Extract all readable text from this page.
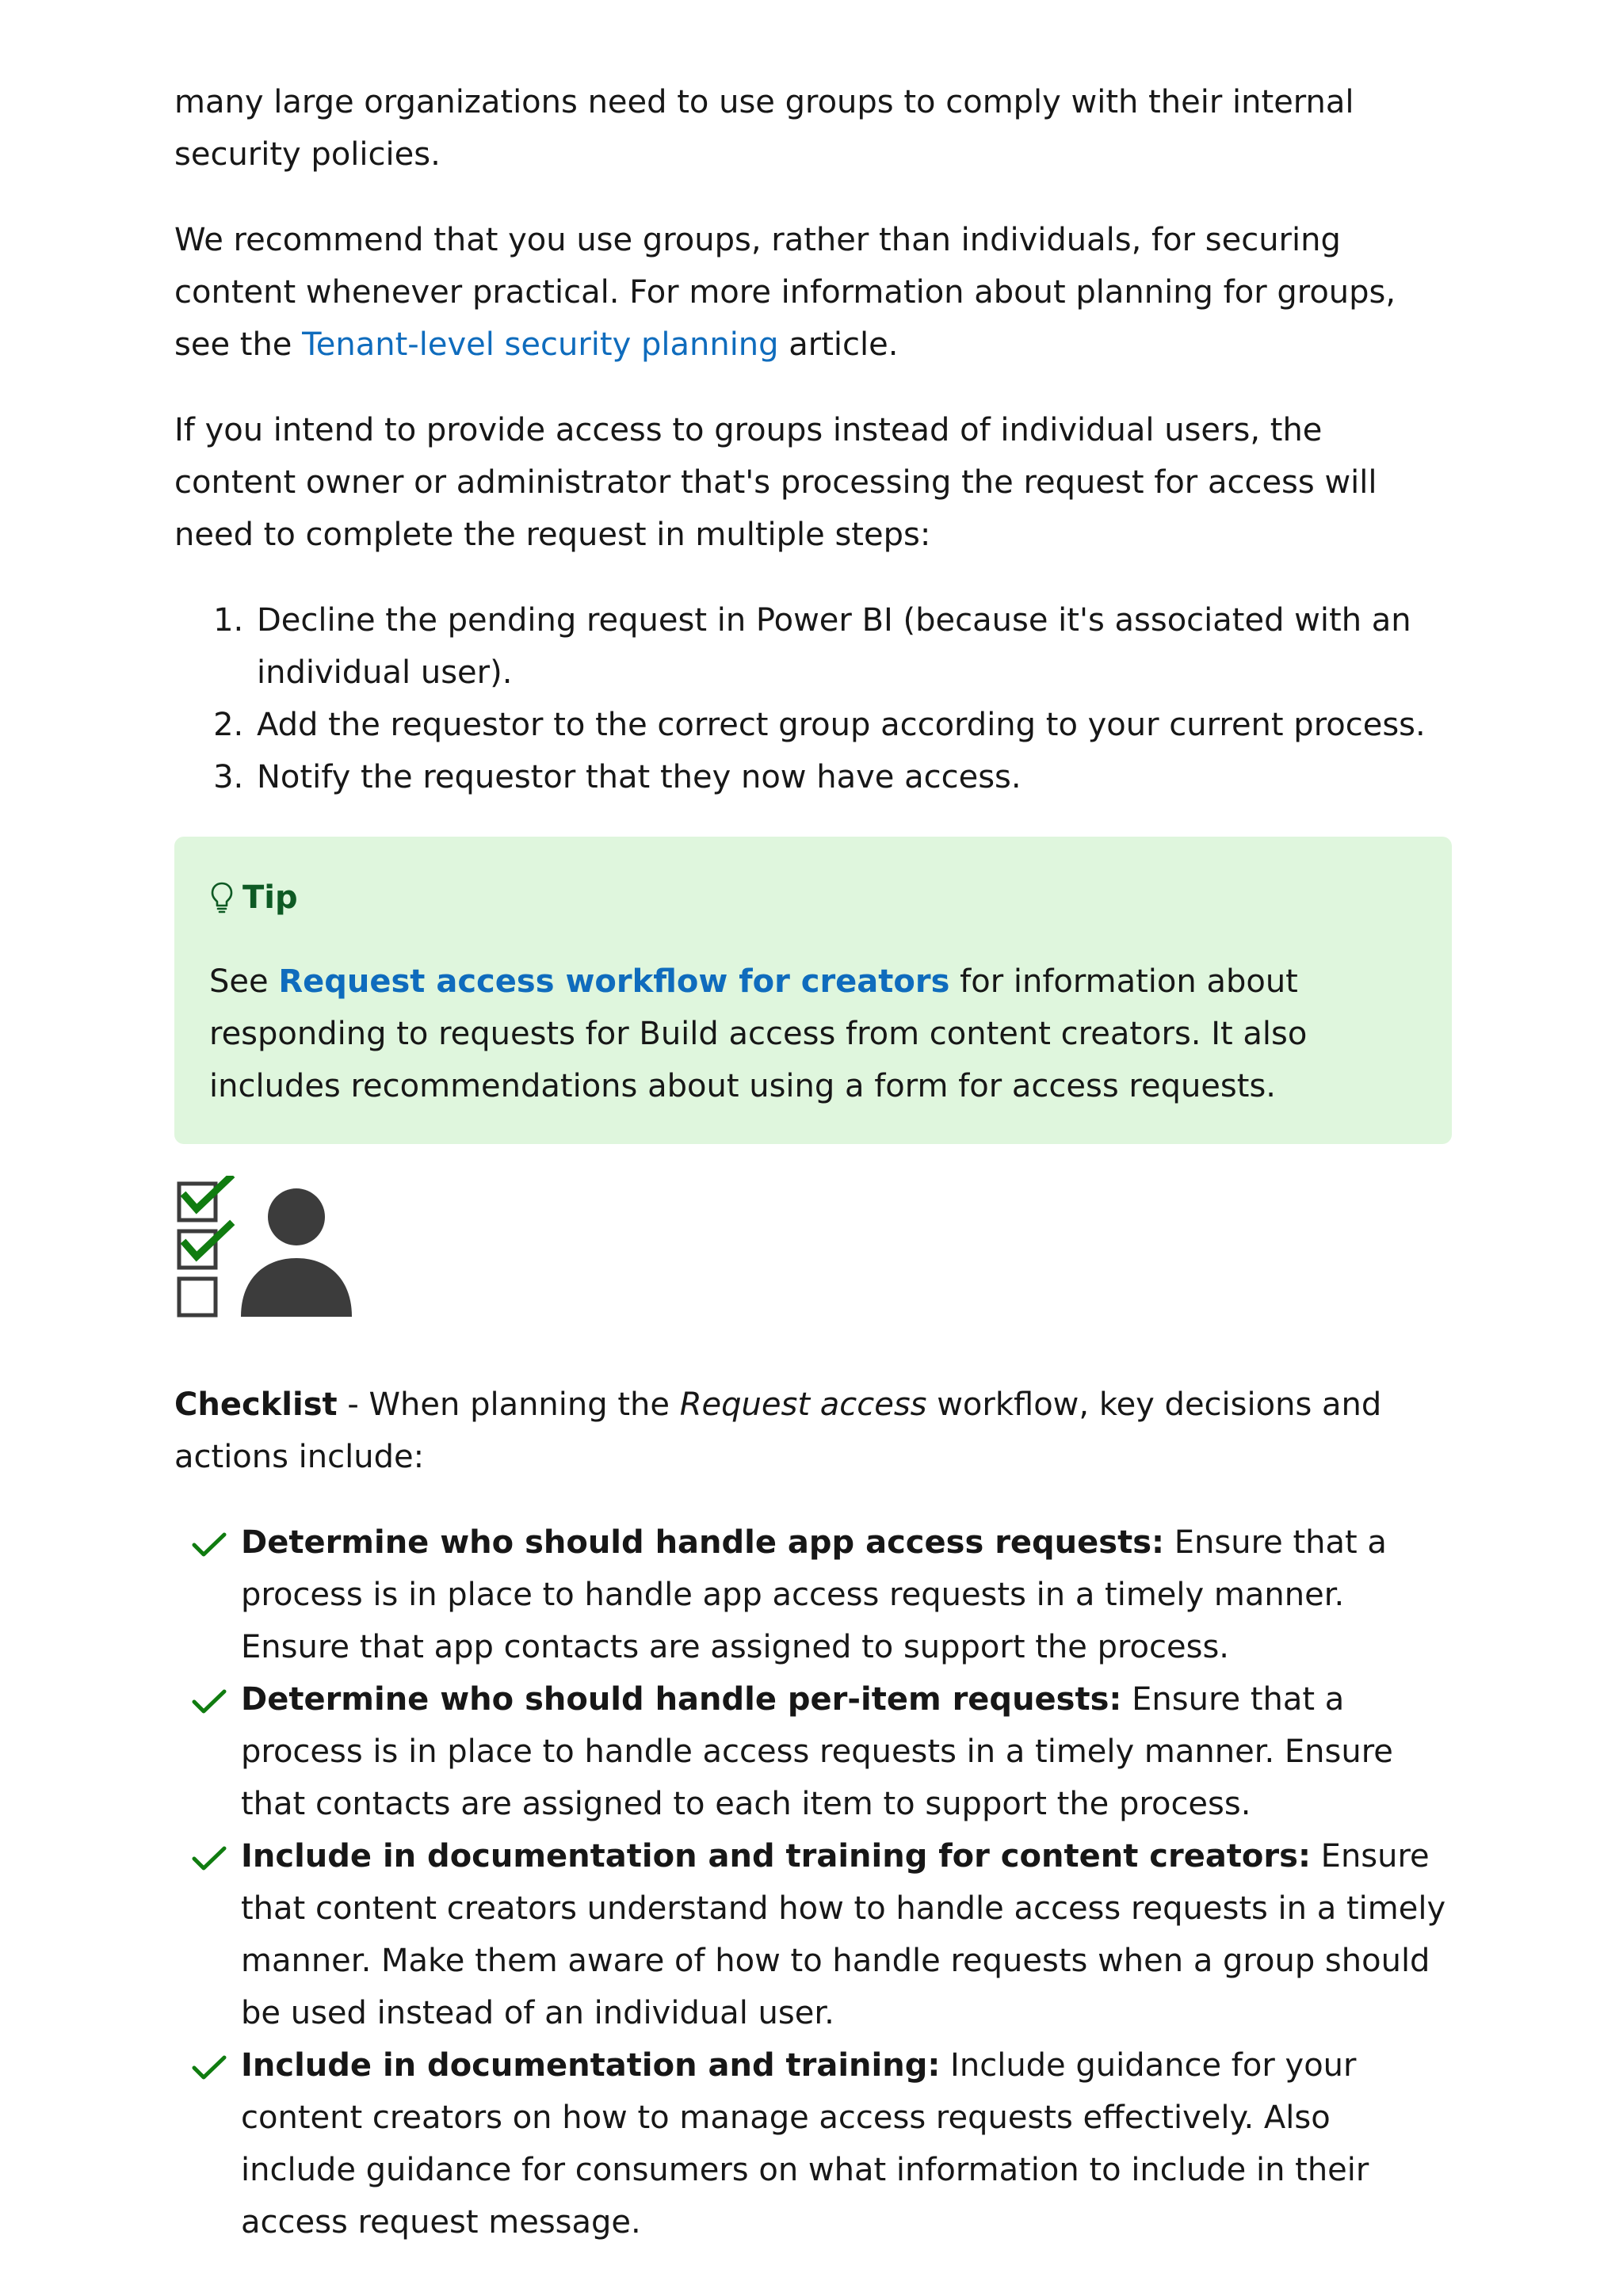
many large organizations need to use groups to comply with their internal security policies.

We recommend that you use groups, rather than individuals, for securing content whenever practical. For more information about planning for groups, see the Tenant-level security planning article.

If you intend to provide access to groups instead of individual users, the content owner or administrator that's processing the request for access will need to complete the request in multiple steps:

1. Decline the pending request in Power BI (because it's associated with an individual user).
2. Add the requestor to the correct group according to your current process.
3. Notify the requestor that they now have access.
Tip

See Request access workflow for creators for information about responding to requests for Build access from content creators. It also includes recommendations about using a form for access requests.

Checklist - When planning the Request access workflow, key decisions and actions include:

Determine who should handle app access requests: Ensure that a process is in place to handle app access requests in a timely manner. Ensure that app contacts are assigned to support the process.
Determine who should handle per-item requests: Ensure that a process is in place to handle access requests in a timely manner. Ensure that contacts are assigned to each item to support the process.
Include in documentation and training for content creators: Ensure that content creators understand how to handle access requests in a timely manner. Make them aware of how to handle requests when a group should be used instead of an individual user.
Include in documentation and training: Include guidance for your content creators on how to manage access requests effectively. Also include guidance for consumers on what information to include in their access request message.
